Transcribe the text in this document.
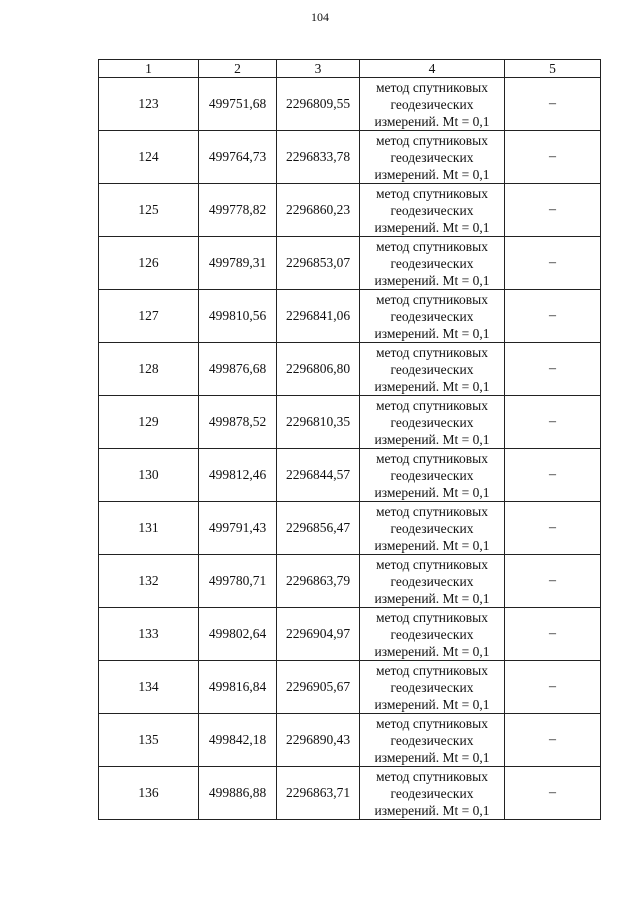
104
1	2	3	4	5
123	499751,68	2296809,55	метод спутниковых
геодезических
измерений. Mt = 0,1	–
124	499764,73	2296833,78	метод спутниковых
геодезических
измерений. Mt = 0,1	–
125	499778,82	2296860,23	метод спутниковых
геодезических
измерений. Mt = 0,1	–
126	499789,31	2296853,07	метод спутниковых
геодезических
измерений. Mt = 0,1	–
127	499810,56	2296841,06	метод спутниковых
геодезических
измерений. Mt = 0,1	–
128	499876,68	2296806,80	метод спутниковых
геодезических
измерений. Mt = 0,1	–
129	499878,52	2296810,35	метод спутниковых
геодезических
измерений. Mt = 0,1	–
130	499812,46	2296844,57	метод спутниковых
геодезических
измерений. Mt = 0,1	–
131	499791,43	2296856,47	метод спутниковых
геодезических
измерений. Mt = 0,1	–
132	499780,71	2296863,79	метод спутниковых
геодезических
измерений. Mt = 0,1	–
133	499802,64	2296904,97	метод спутниковых
геодезических
измерений. Mt = 0,1	–
134	499816,84	2296905,67	метод спутниковых
геодезических
измерений. Mt = 0,1	–
135	499842,18	2296890,43	метод спутниковых
геодезических
измерений. Mt = 0,1	–
136	499886,88	2296863,71	метод спутниковых
геодезических
измерений. Mt = 0,1	–
